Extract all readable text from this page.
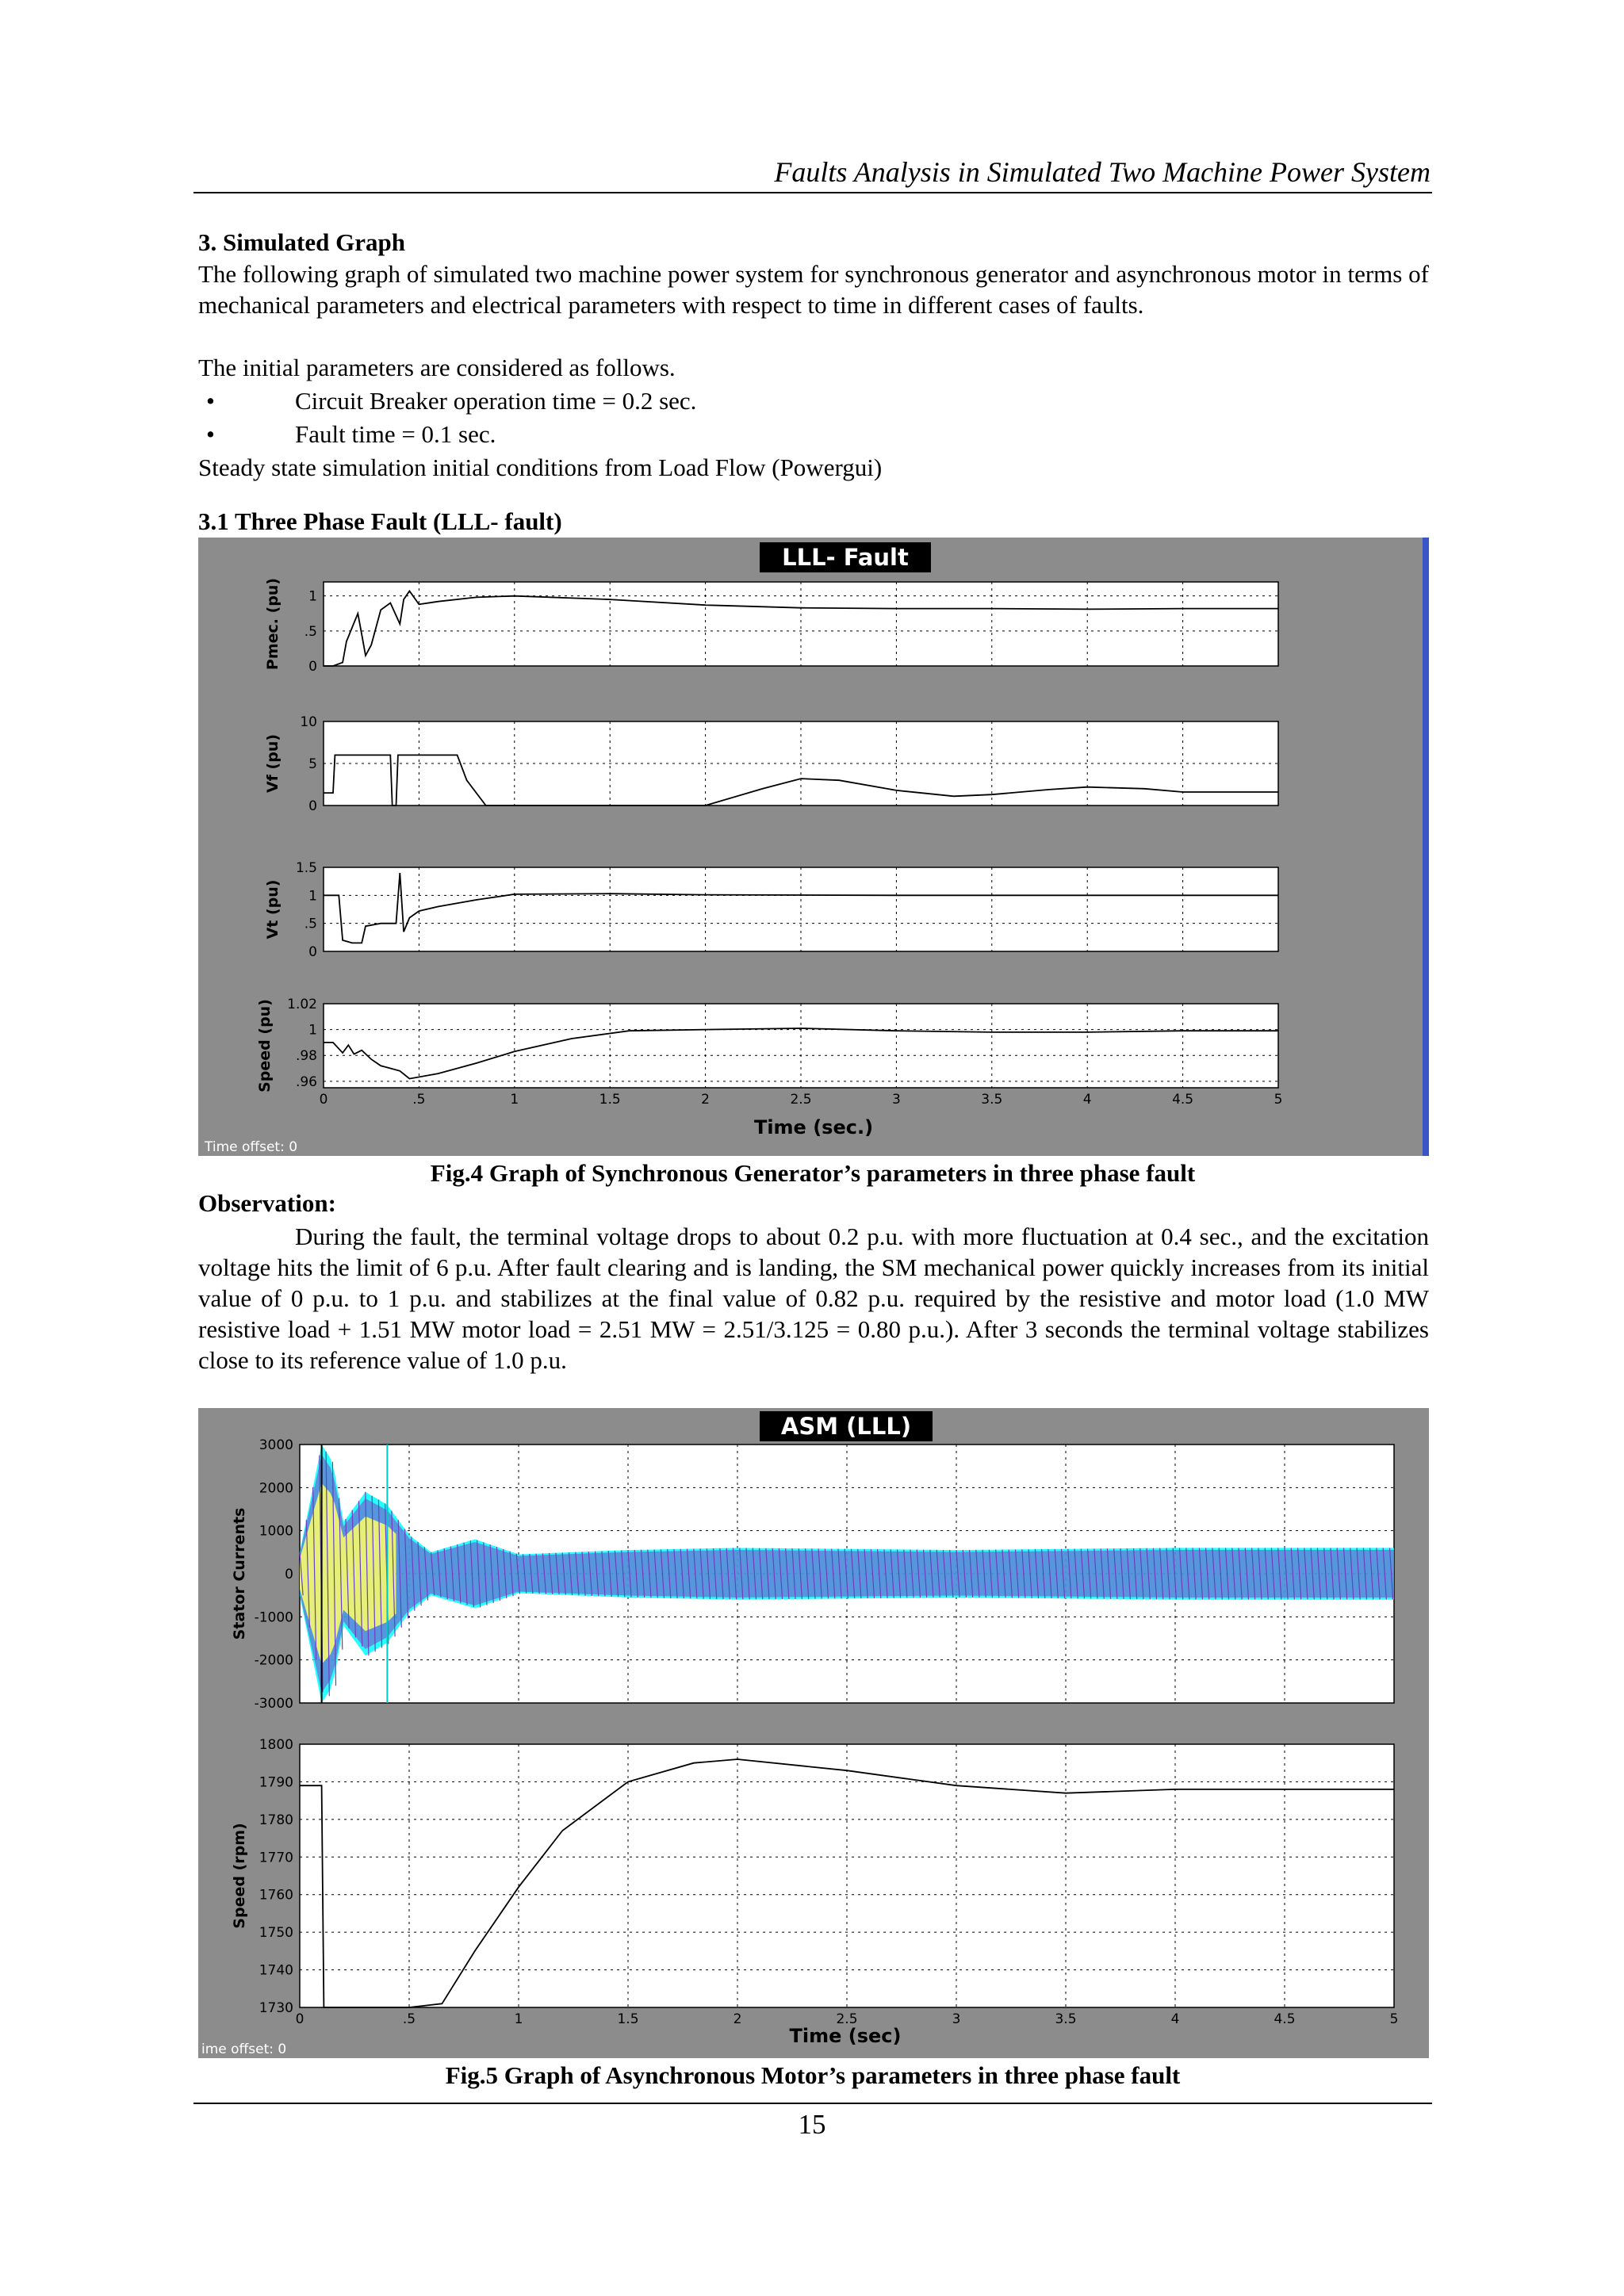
Faults Analysis in Simulated Two Machine Power System
3. Simulated Graph
The following graph of simulated two machine power system for synchronous generator and asynchronous motor in terms of mechanical parameters and electrical parameters with respect to time in different cases of faults.
The initial parameters are considered as follows.
•	Circuit Breaker operation time = 0.2 sec.
•	Fault time = 0.1 sec.
Steady state simulation initial conditions from Load Flow (Powergui)
3.1 Three Phase Fault (LLL- fault)
LLL- Fault
0
.5
1
Pmec. (pu)
0
5
10
Vf (pu)
0
.5
1
1.5
Vt (pu)
.96
.98
1
1.02
Speed (pu)
0	.5	1	1.5	2	2.5	3	3.5	4	4.5	5
Time (sec.)
Time offset: 0
Fig.4 Graph of Synchronous Generator’s parameters in three phase fault
Observation:
During the fault, the terminal voltage drops to about 0.2 p.u. with more fluctuation at 0.4 sec., and the excitation voltage hits the limit of 6 p.u. After fault clearing and is landing, the SM mechanical power quickly increases from its initial value of 0 p.u. to 1 p.u. and stabilizes at the final value of 0.82 p.u. required by the resistive and motor load (1.0 MW resistive load + 1.51 MW motor load = 2.51 MW = 2.51/3.125 = 0.80 p.u.). After 3 seconds the terminal voltage stabilizes close to its reference value of 1.0 p.u.
ASM (LLL)
-3000
-2000
-1000
0
1000
2000
3000
Stator Currents
1730
1740
1750
1760
1770
1780
1790
1800
Speed (rpm)
0	.5	1	1.5	2	2.5	3	3.5	4	4.5	5
Time (sec)
ime offset: 0
Fig.5 Graph of Asynchronous Motor’s parameters in three phase fault
15
